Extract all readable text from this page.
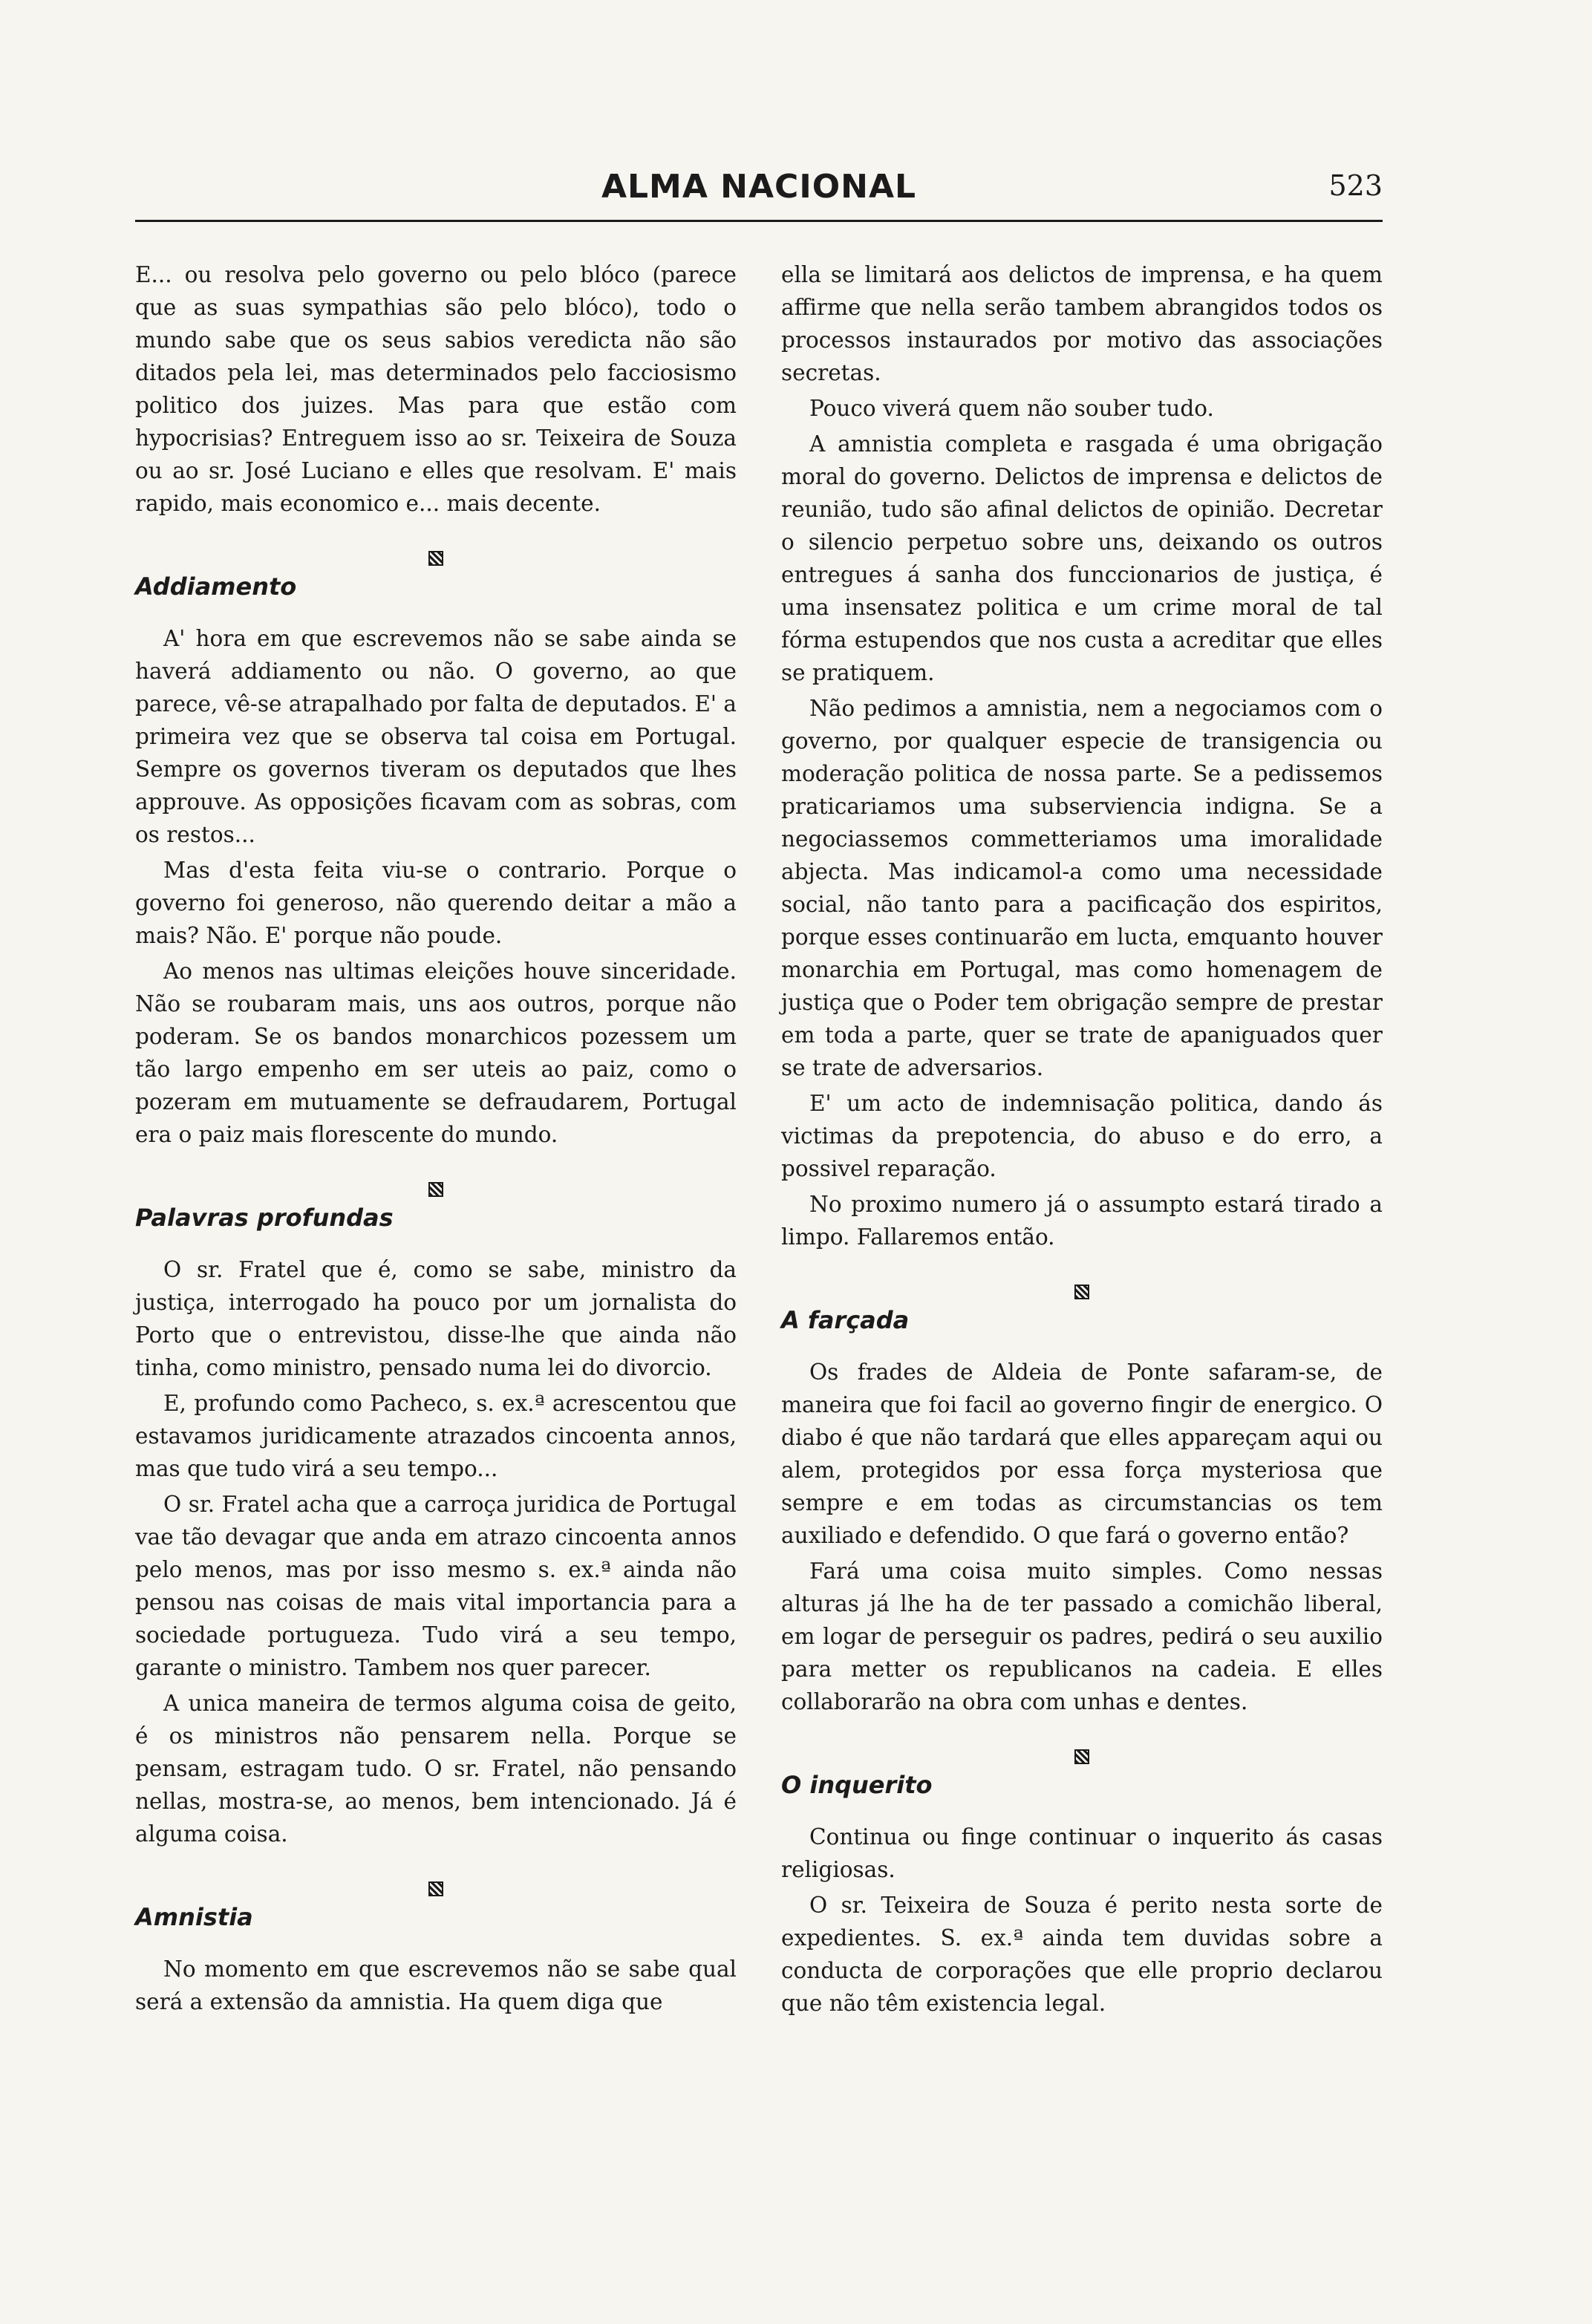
ALMA NACIONAL	523

E... ou resolva pelo governo ou pelo blóco (parece que as suas sympathias são pelo blóco), todo o mundo sabe que os seus sabios veredicta não são ditados pela lei, mas determinados pelo facciosismo politico dos juizes. Mas para que estão com hypocrisias? Entreguem isso ao sr. Teixeira de Souza ou ao sr. José Luciano e elles que resolvam. E' mais rapido, mais economico e... mais decente.

Addiamento

A' hora em que escrevemos não se sabe ainda se haverá addiamento ou não. O governo, ao que parece, vê-se atrapalhado por falta de deputados. E' a primeira vez que se observa tal coisa em Portugal. Sempre os governos tiveram os deputados que lhes approuve. As opposições ficavam com as sobras, com os restos...

Mas d'esta feita viu-se o contrario. Porque o governo foi generoso, não querendo deitar a mão a mais? Não. E' porque não poude.

Ao menos nas ultimas eleições houve sinceridade. Não se roubaram mais, uns aos outros, porque não poderam. Se os bandos monarchicos pozessem um tão largo empenho em ser uteis ao paiz, como o pozeram em mutuamente se defraudarem, Portugal era o paiz mais florescente do mundo.

Palavras profundas

O sr. Fratel que é, como se sabe, ministro da justiça, interrogado ha pouco por um jornalista do Porto que o entrevistou, disse-lhe que ainda não tinha, como ministro, pensado numa lei do divorcio.

E, profundo como Pacheco, s. ex.ª acrescentou que estavamos juridicamente atrazados cincoenta annos, mas que tudo virá a seu tempo...

O sr. Fratel acha que a carroça juridica de Portugal vae tão devagar que anda em atrazo cincoenta annos pelo menos, mas por isso mesmo s. ex.ª ainda não pensou nas coisas de mais vital importancia para a sociedade portugueza. Tudo virá a seu tempo, garante o ministro. Tambem nos quer parecer.

A unica maneira de termos alguma coisa de geito, é os ministros não pensarem nella. Porque se pensam, estragam tudo. O sr. Fratel, não pensando nellas, mostra-se, ao menos, bem intencionado. Já é alguma coisa.

Amnistia

No momento em que escrevemos não se sabe qual será a extensão da amnistia. Ha quem diga que

ella se limitará aos delictos de imprensa, e ha quem affirme que nella serão tambem abrangidos todos os processos instaurados por motivo das associações secretas.

Pouco viverá quem não souber tudo.

A amnistia completa e rasgada é uma obrigação moral do governo. Delictos de imprensa e delictos de reunião, tudo são afinal delictos de opinião. Decretar o silencio perpetuo sobre uns, deixando os outros entregues á sanha dos funccionarios de justiça, é uma insensatez politica e um crime moral de tal fórma estupendos que nos custa a acreditar que elles se pratiquem.

Não pedimos a amnistia, nem a negociamos com o governo, por qualquer especie de transigencia ou moderação politica de nossa parte. Se a pedissemos praticariamos uma subserviencia indigna. Se a negociassemos commetteriamos uma imoralidade abjecta. Mas indicamol-a como uma necessidade social, não tanto para a pacificação dos espiritos, porque esses continuarão em lucta, emquanto houver monarchia em Portugal, mas como homenagem de justiça que o Poder tem obrigação sempre de prestar em toda a parte, quer se trate de apaniguados quer se trate de adversarios.

E' um acto de indemnisação politica, dando ás victimas da prepotencia, do abuso e do erro, a possivel reparação.

No proximo numero já o assumpto estará tirado a limpo. Fallaremos então.

A farçada

Os frades de Aldeia de Ponte safaram-se, de maneira que foi facil ao governo fingir de energico. O diabo é que não tardará que elles appareçam aqui ou alem, protegidos por essa força mysteriosa que sempre e em todas as circumstancias os tem auxiliado e defendido. O que fará o governo então?

Fará uma coisa muito simples. Como nessas alturas já lhe ha de ter passado a comichão liberal, em logar de perseguir os padres, pedirá o seu auxilio para metter os republicanos na cadeia. E elles collaborarão na obra com unhas e dentes.

O inquerito

Continua ou finge continuar o inquerito ás casas religiosas.

O sr. Teixeira de Souza é perito nesta sorte de expedientes. S. ex.ª ainda tem duvidas sobre a conducta de corporações que elle proprio declarou que não têm existencia legal.
